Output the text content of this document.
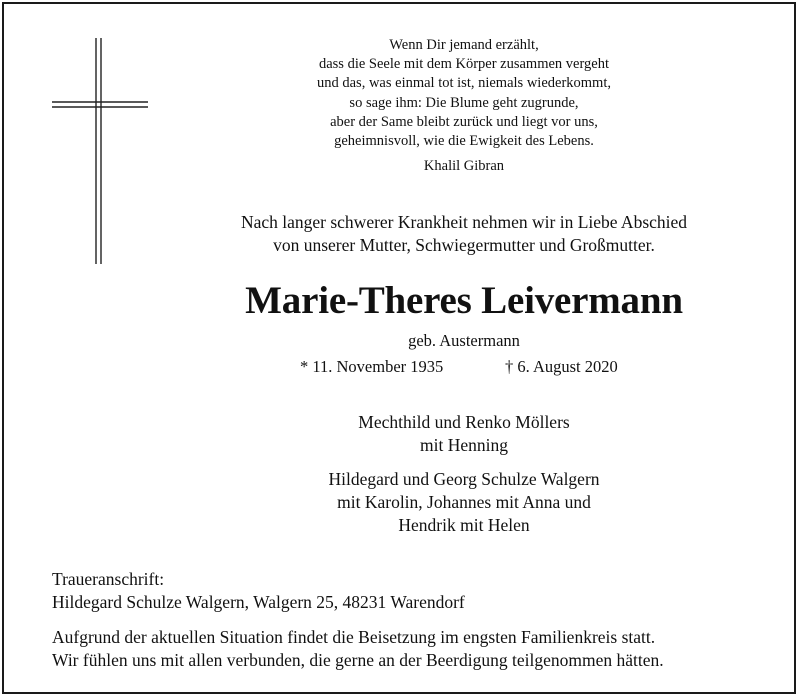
Wenn Dir jemand erzählt,
dass die Seele mit dem Körper zusammen vergeht
und das, was einmal tot ist, niemals wiederkommt,
so sage ihm: Die Blume geht zugrunde,
aber der Same bleibt zurück und liegt vor uns,
geheimnisvoll, wie die Ewigkeit des Lebens.
Khalil Gibran
Nach langer schwerer Krankheit nehmen wir in Liebe Abschied
von unserer Mutter, Schwiegermutter und Großmutter.
Marie-Theres Leivermann
geb. Austermann
* 11. November 1935	† 6. August 2020
Mechthild und Renko Möllers
mit Henning
Hildegard und Georg Schulze Walgern
mit Karolin, Johannes mit Anna und
Hendrik mit Helen
Traueranschrift:
Hildegard Schulze Walgern, Walgern 25, 48231 Warendorf
Aufgrund der aktuellen Situation findet die Beisetzung im engsten Familienkreis statt.
Wir fühlen uns mit allen verbunden, die gerne an der Beerdigung teilgenommen hätten.
